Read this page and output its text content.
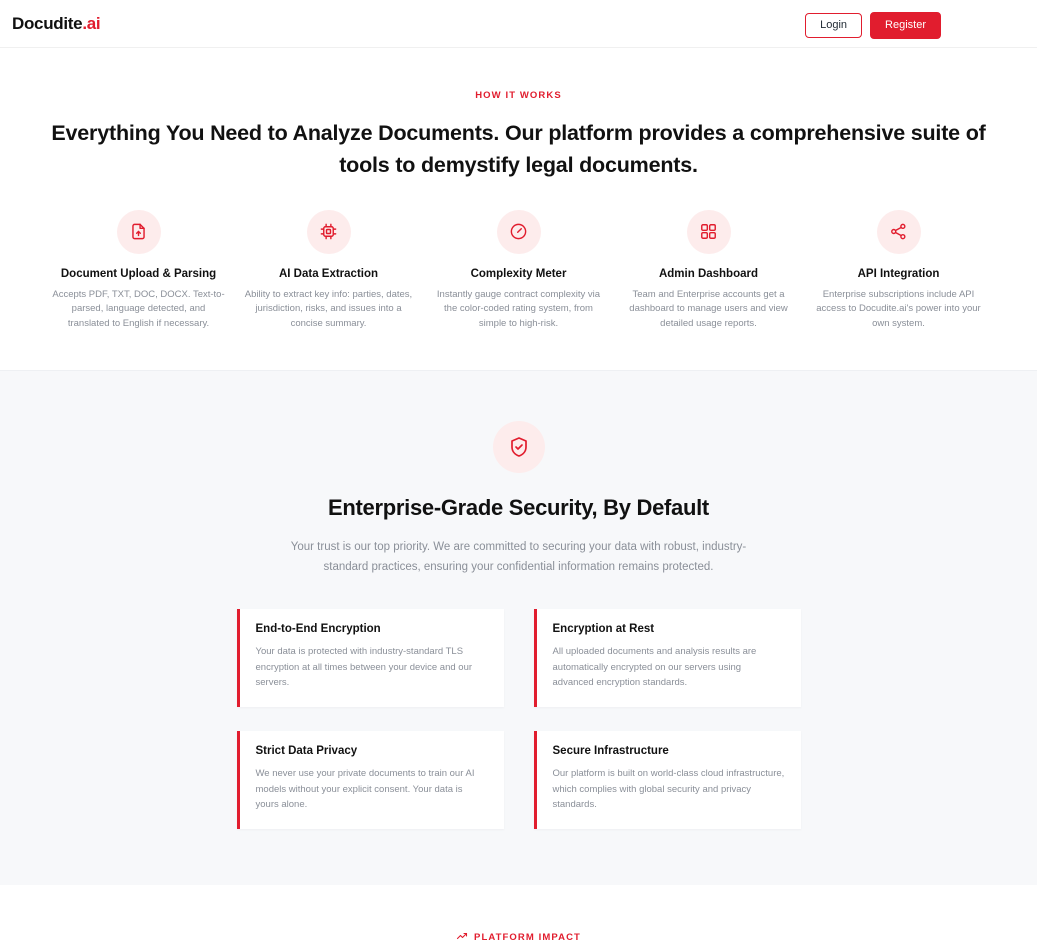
Docudite.ai	Login	Register
HOW IT WORKS
Everything You Need to Analyze Documents. Our platform provides a comprehensive suite of tools to demystify legal documents.
Document Upload & Parsing
Accepts PDF, TXT, DOC, DOCX. Text-to-parsed, language detected, and translated to English if necessary.
AI Data Extraction
Ability to extract key info: parties, dates, jurisdiction, risks, and issues into a concise summary.
Complexity Meter
Instantly gauge contract complexity via the color-coded rating system, from simple to high-risk.
Admin Dashboard
Team and Enterprise accounts get a dashboard to manage users and view detailed usage reports.
API Integration
Enterprise subscriptions include API access to Docudite.ai's power into your own system.
Enterprise-Grade Security, By Default
Your trust is our top priority. We are committed to securing your data with robust, industry-standard practices, ensuring your confidential information remains protected.
End-to-End Encryption
Your data is protected with industry-standard TLS encryption at all times between your device and our servers.
Encryption at Rest
All uploaded documents and analysis results are automatically encrypted on our servers using advanced encryption standards.
Strict Data Privacy
We never use your private documents to train our AI models without your explicit consent. Your data is yours alone.
Secure Infrastructure
Our platform is built on world-class cloud infrastructure, which complies with global security and privacy standards.
PLATFORM IMPACT
